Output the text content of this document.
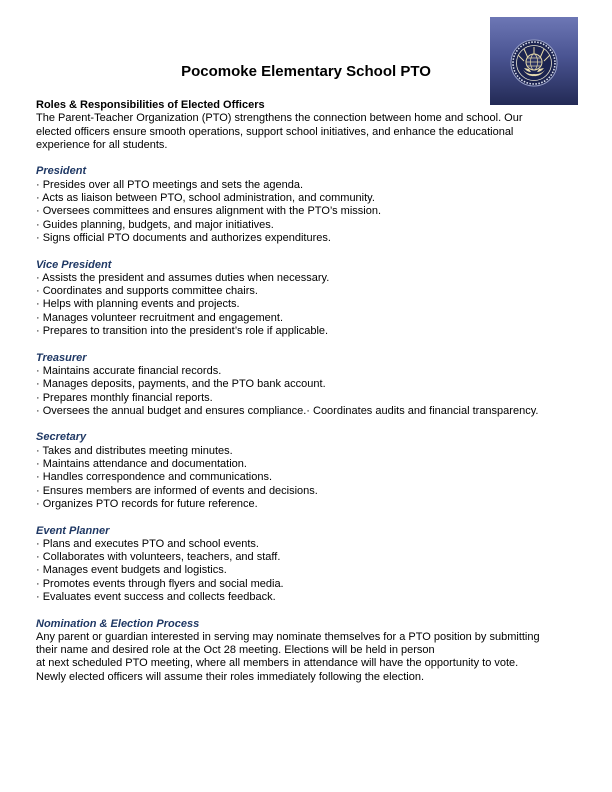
Pocomoke Elementary School PTO
Roles & Responsibilities of Elected Officers
The Parent-Teacher Organization (PTO) strengthens the connection between home and school. Our
elected officers ensure smooth operations, support school initiatives, and enhance the educational
experience for all students.
President
· Presides over all PTO meetings and sets the agenda.
· Acts as liaison between PTO, school administration, and community.
· Oversees committees and ensures alignment with the PTO’s mission.
· Guides planning, budgets, and major initiatives.
· Signs official PTO documents and authorizes expenditures.
Vice President
· Assists the president and assumes duties when necessary.
· Coordinates and supports committee chairs.
· Helps with planning events and projects.
· Manages volunteer recruitment and engagement.
· Prepares to transition into the president’s role if applicable.
Treasurer
· Maintains accurate financial records.
· Manages deposits, payments, and the PTO bank account.
· Prepares monthly financial reports.
· Oversees the annual budget and ensures compliance.· Coordinates audits and financial transparency.
Secretary
· Takes and distributes meeting minutes.
· Maintains attendance and documentation.
· Handles correspondence and communications.
· Ensures members are informed of events and decisions.
· Organizes PTO records for future reference.
Event Planner
· Plans and executes PTO and school events.
· Collaborates with volunteers, teachers, and staff.
· Manages event budgets and logistics.
· Promotes events through flyers and social media.
· Evaluates event success and collects feedback.
Nomination & Election Process
Any parent or guardian interested in serving may nominate themselves for a PTO position by submitting
their name and desired role at the Oct 28 meeting. Elections will be held in person
at next scheduled PTO meeting, where all members in attendance will have the opportunity to vote.
Newly elected officers will assume their roles immediately following the election.
